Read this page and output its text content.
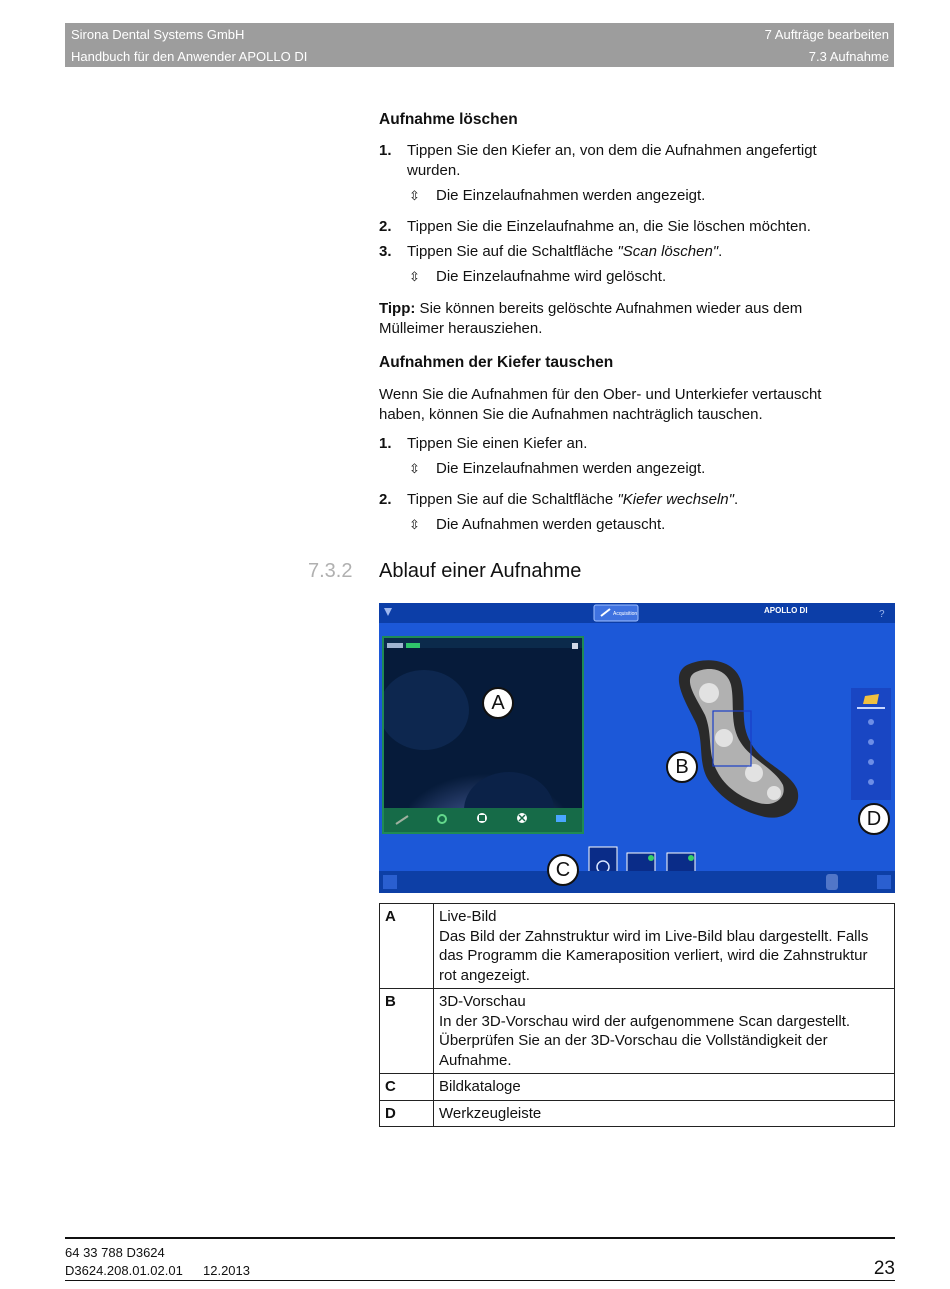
Sirona Dental Systems GmbH
Handbuch für den Anwender APOLLO DI
7 Aufträge bearbeiten
7.3 Aufnahme

Aufnahme löschen

1. Tippen Sie den Kiefer an, von dem die Aufnahmen angefertigt wurden.
⇳ Die Einzelaufnahmen werden angezeigt.
2. Tippen Sie die Einzelaufnahme an, die Sie löschen möchten.
3. Tippen Sie auf die Schaltfläche "Scan löschen".
⇳ Die Einzelaufnahme wird gelöscht.
Tipp: Sie können bereits gelöschte Aufnahmen wieder aus dem Mülleimer herausziehen.

Aufnahmen der Kiefer tauschen

Wenn Sie die Aufnahmen für den Ober- und Unterkiefer vertauscht haben, können Sie die Aufnahmen nachträglich tauschen.
1. Tippen Sie einen Kiefer an.
⇳ Die Einzelaufnahmen werden angezeigt.
2. Tippen Sie auf die Schaltfläche "Kiefer wechseln".
⇳ Die Aufnahmen werden getauscht.
7.3.2 Ablauf einer Aufnahme
Acquisition	?
APOLLO DI
A
B
C
D
A	Live-Bild
Das Bild der Zahnstruktur wird im Live-Bild blau dargestellt. Falls das Programm die Kameraposition verliert, wird die Zahnstruktur rot angezeigt.

B	3D-Vorschau
In der 3D-Vorschau wird der aufgenommene Scan dargestellt. Überprüfen Sie an der 3D-Vorschau die Vollständigkeit der Aufnahme.

C	Bildkataloge
D	Werkzeugleiste
64 33 788 D3624
D3624.208.01.02.01 12.2013	23
